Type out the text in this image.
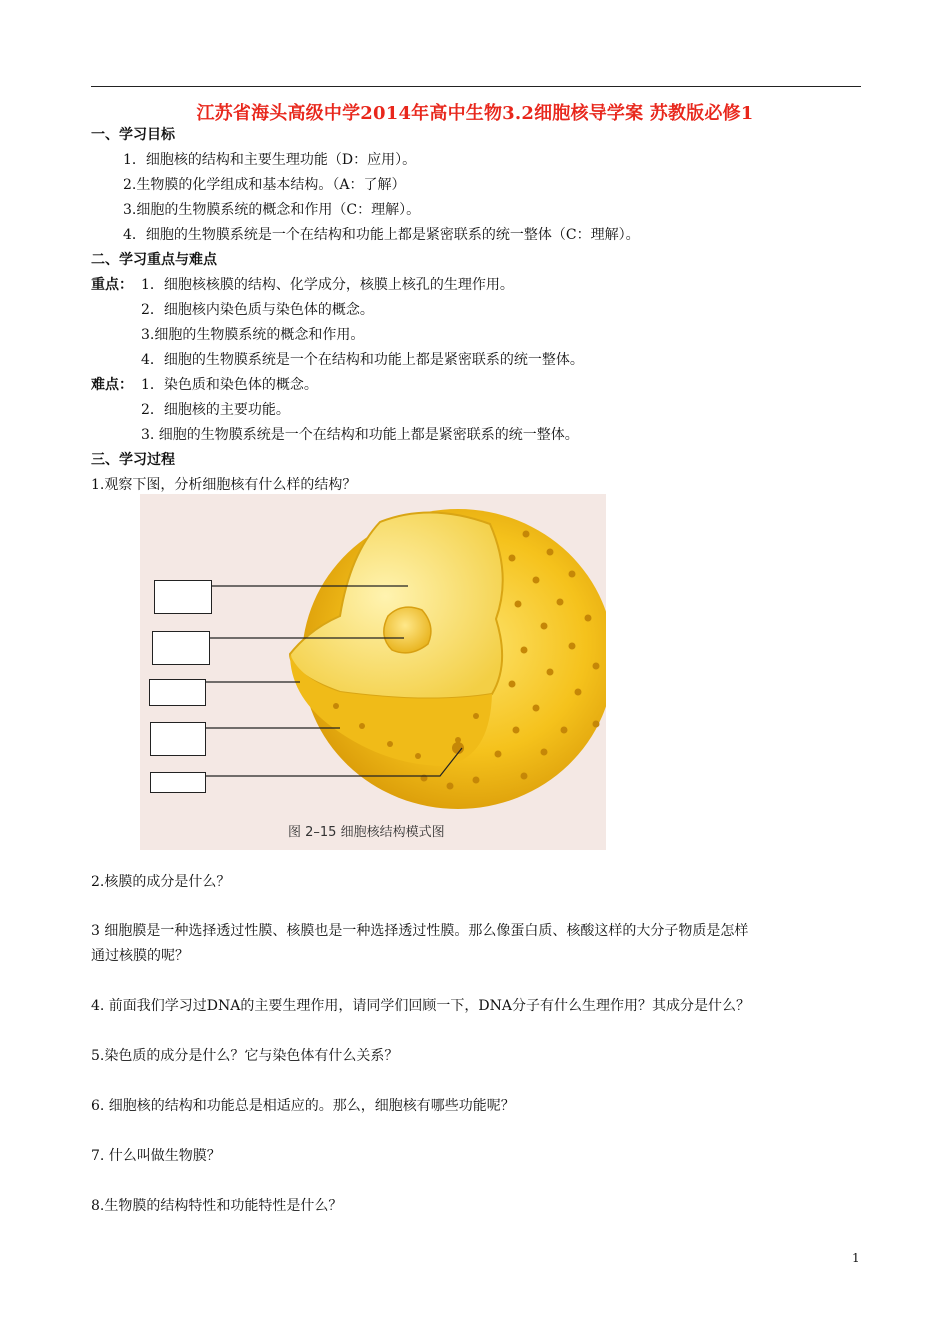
江苏省海头高级中学2014年高中生物3.2细胞核导学案 苏教版必修1
一、学习目标
1．细胞核的结构和主要生理功能（D：应用）。
2.生物膜的化学组成和基本结构。（A：了解）
3.细胞的生物膜系统的概念和作用（C：理解）。
4．细胞的生物膜系统是一个在结构和功能上都是紧密联系的统一整体（C：理解）。
二、学习重点与难点
重点： 1．细胞核核膜的结构、化学成分，核膜上核孔的生理作用。
2．细胞核内染色质与染色体的概念。
3.细胞的生物膜系统的概念和作用。
4．细胞的生物膜系统是一个在结构和功能上都是紧密联系的统一整体。
难点： 1．染色质和染色体的概念。
2．细胞核的主要功能。
3. 细胞的生物膜系统是一个在结构和功能上都是紧密联系的统一整体。
三、学习过程
1.观察下图，分析细胞核有什么样的结构？
图 2–15 细胞核结构模式图
2.核膜的成分是什么？
3 细胞膜是一种选择透过性膜、核膜也是一种选择透过性膜。那么像蛋白质、核酸这样的大分子物质是怎样
通过核膜的呢？
4. 前面我们学习过DNA的主要生理作用，请同学们回顾一下，DNA分子有什么生理作用？其成分是什么？
5.染色质的成分是什么？它与染色体有什么关系？
6. 细胞核的结构和功能总是相适应的。那么，细胞核有哪些功能呢？
7. 什么叫做生物膜？
8.生物膜的结构特性和功能特性是什么？
1
